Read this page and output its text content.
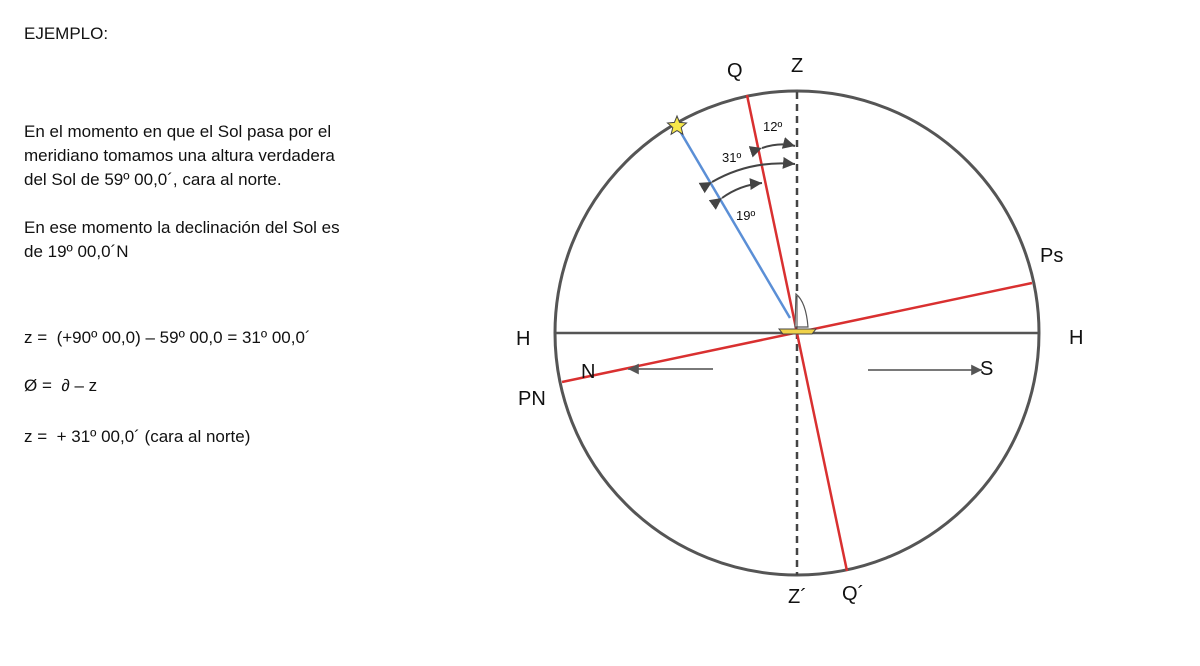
EJEMPLO:
En el momento en que el Sol pasa por el
meridiano tomamos una altura verdadera
del Sol de 59º 00,0´, cara al norte.
En ese momento la declinación del Sol es
de 19º 00,0´N
z =  (+90º 00,0) – 59º 00,0 = 31º 00,0´
Ø =  ∂ – z
z =  + 31º 00,0´ (cara al norte)
12º
31º
19º
Q Z
Ps
H	H
N	S
PN
Z´ Q´
